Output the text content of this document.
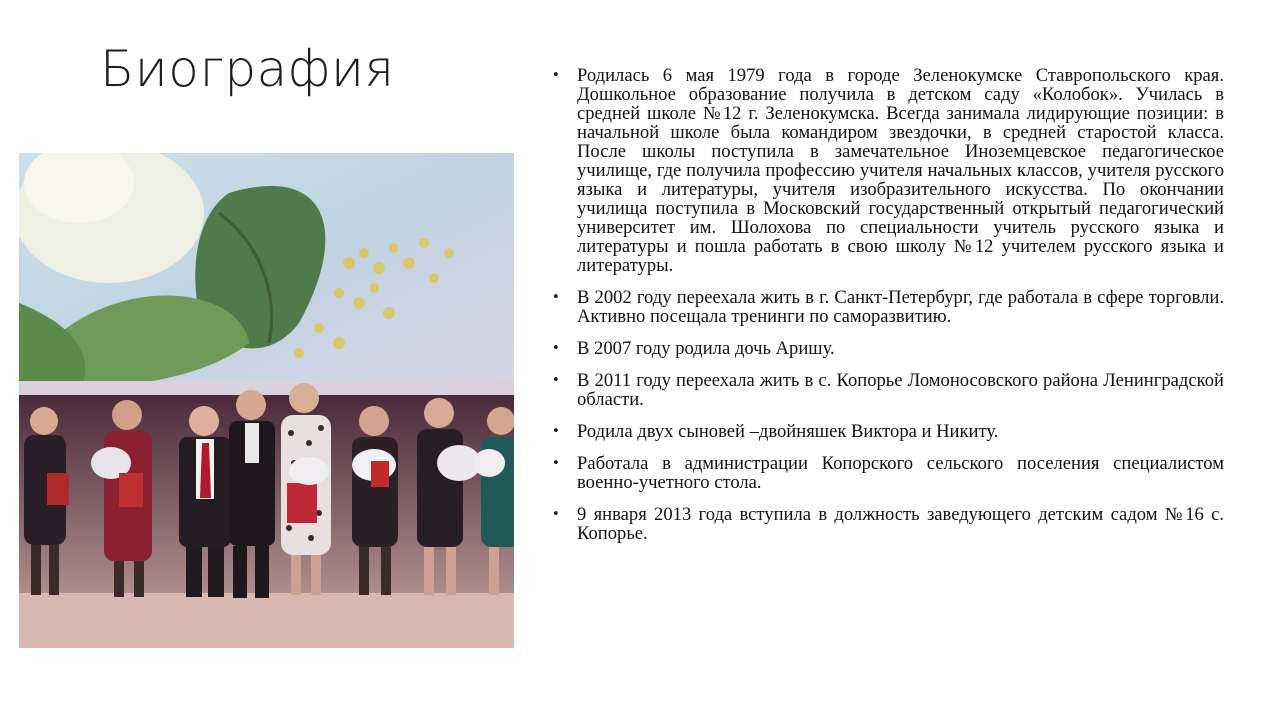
Биография	• Родилась 6 мая 1979 года в городе Зеленокумске Ставропольского края. Дошкольное образование получила в детском саду «Колобок». Училась в средней школе №12 г. Зеленокумска. Всегда занимала лидирующие позиции: в начальной школе была командиром звездочки, в средней старостой класса. После школы поступила в замечательное Иноземцевское педагогическое училище, где получила профессию учителя начальных классов, учителя русского языка и литературы, учителя изобразительного искусства. По окончании училища поступила в Московский государственный открытый педагогический университет им. Шолохова по специальности учитель русского языка и литературы и пошла работать в свою школу №12 учителем русского языка и литературы.
• В 2002 году переехала жить в г. Санкт-Петербург, где работала в сфере торговли. Активно посещала тренинги по саморазвитию.
• В 2007 году родила дочь Аришу.
• В 2011 году переехала жить в с. Копорье Ломоносовского района Ленинградской области.
• Родила двух сыновей –двойняшек Виктора и Никиту.
• Работала в администрации Копорского сельского поселения специалистом военно-учетного стола.
• 9 января 2013 года вступила в должность заведующего детским садом №16 с. Копорье.
